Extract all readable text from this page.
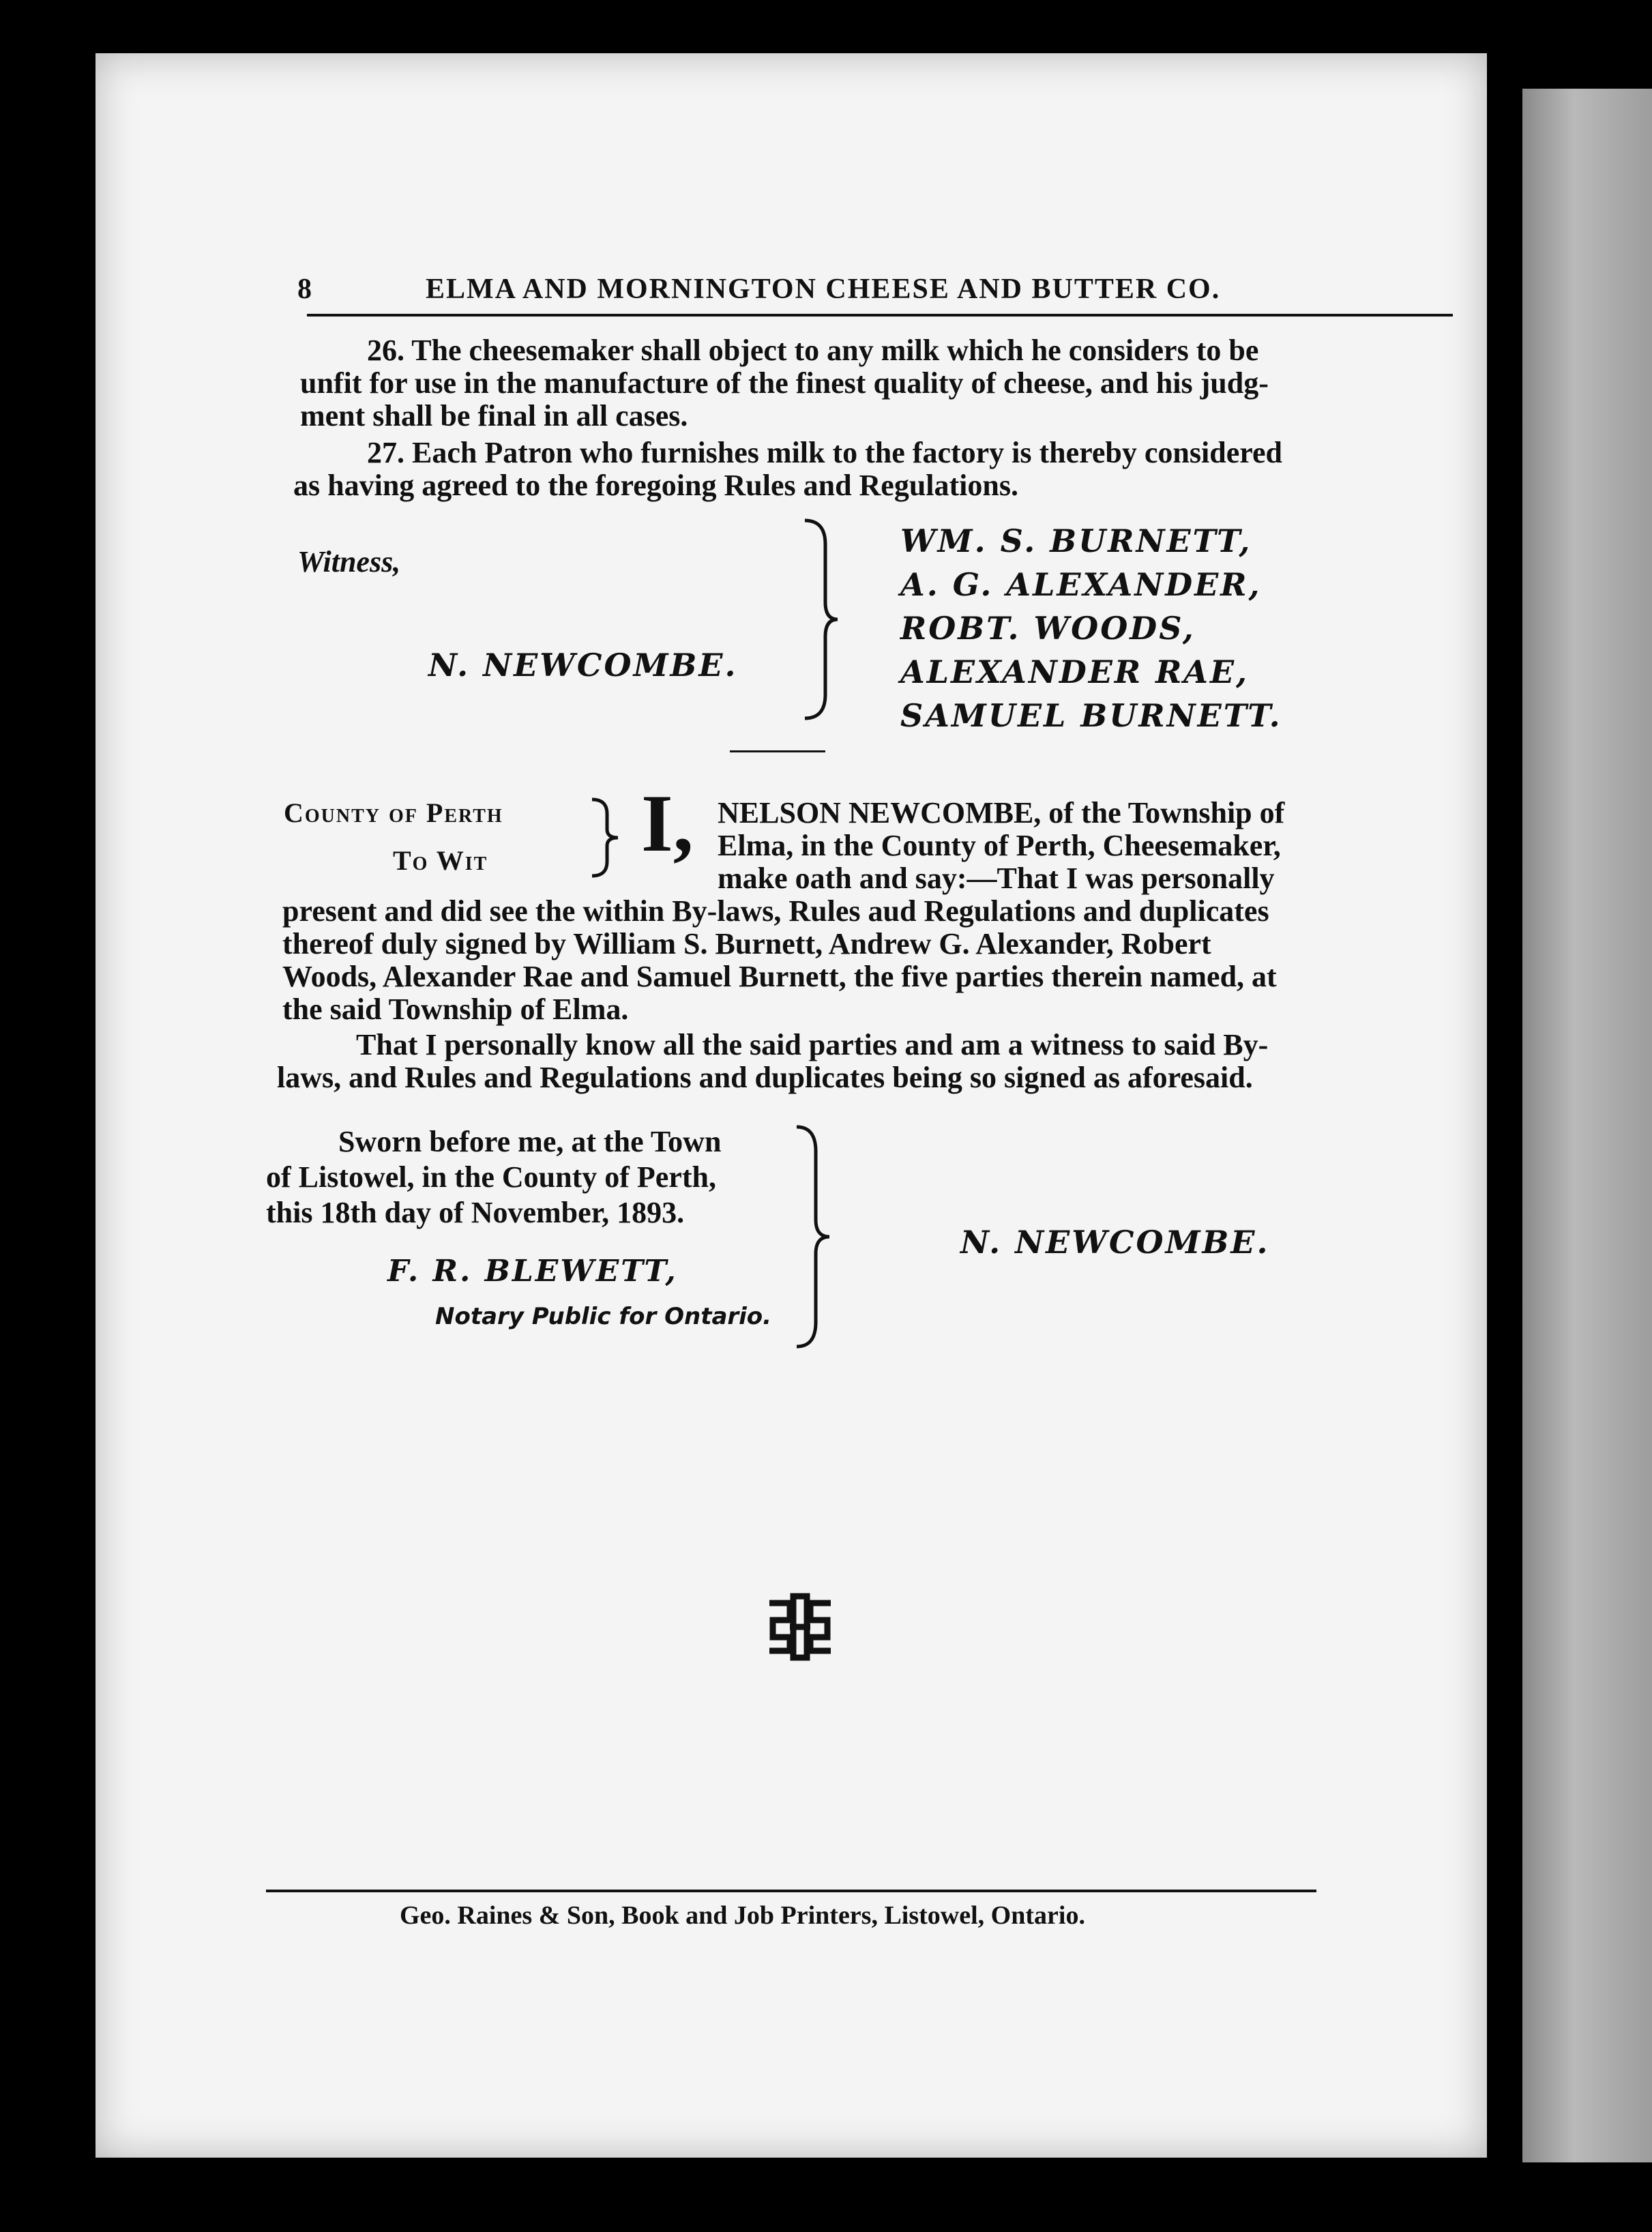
8	ELMA AND MORNINGTON CHEESE AND BUTTER CO.
26. The cheesemaker shall object to any milk which he considers to be
unfit for use in the manufacture of the finest quality of cheese, and his judg-
ment shall be final in all cases.
27. Each Patron who furnishes milk to the factory is thereby considered
as having agreed to the foregoing Rules and Regulations.
Witness,
N. NEWCOMBE.
WM. S. BURNETT,
A. G. ALEXANDER,
ROBT. WOODS,
ALEXANDER RAE,
SAMUEL BURNETT.
County of Perth
To Wit I, NELSON NEWCOMBE, of the Township of
Elma, in the County of Perth, Cheesemaker,
make oath and say:—That I was personally
present and did see the within By-laws, Rules aud Regulations and duplicates
thereof duly signed by William S. Burnett, Andrew G. Alexander, Robert
Woods, Alexander Rae and Samuel Burnett, the five parties therein named, at
the said Township of Elma.
That I personally know all the said parties and am a witness to said By-
laws, and Rules and Regulations and duplicates being so signed as aforesaid.
Sworn before me, at the Town
of Listowel, in the County of Perth,
this 18th day of November, 1893.
F. R. BLEWETT,
Notary Public for Ontario.
N. NEWCOMBE.
Geo. Raines & Son, Book and Job Printers, Listowel, Ontario.
